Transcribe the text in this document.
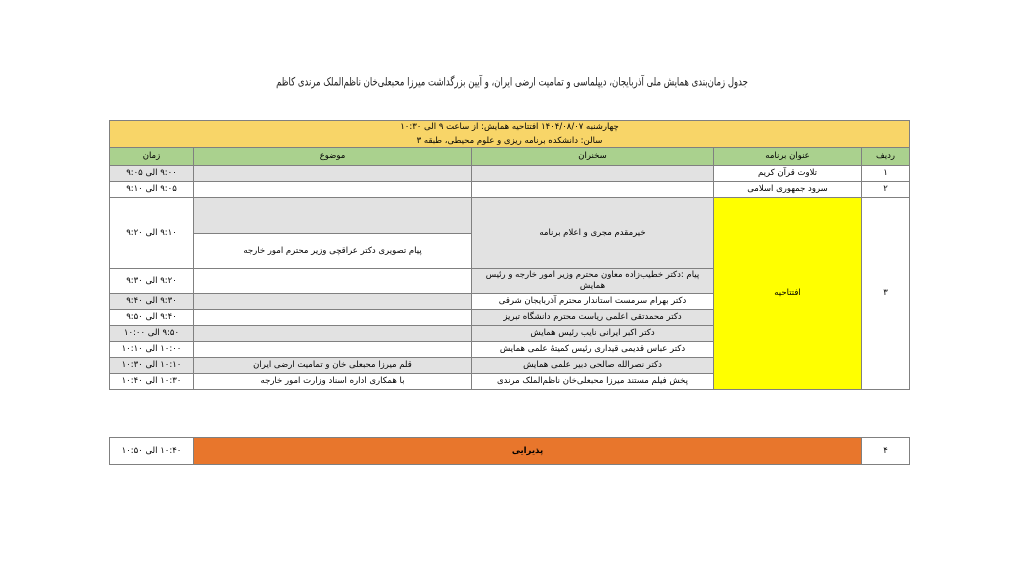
جدول زمان‌بندی همایش ملی آذربایجان، دیپلماسی و تمامیت ارضی ایران، و آیین بزرگداشت میرزا محبعلی‌خان ناظم‌الملک مرندی کاظم
چهارشنبه ۱۴۰۴/۰۸/۰۷ افتتاحیه همایش: از ساعت ۹ الی ۱۰:۳۰
سالن: دانشکده برنامه ریزی و علوم محیطی، طبقه ۳				

ردیف	عنوان برنامه	سخنران	موضوع	زمان
۱	تلاوت قرآن کریم			۹:۰۰ الی ۹:۰۵
۲	سرود جمهوری اسلامی			۹:۰۵ الی ۹:۱۰
۳	افتتاحیه	خیرمقدم مجری و اعلام برنامه		۹:۱۰ الی ۹:۲۰
			پیام تصویری دکتر عراقچی وزیر محترم امور خارجه	
		پیام :دکتر خطیب‌زاده معاون محترم وزیر امور خارجه و رئیس همایش		۹:۲۰ الی ۹:۳۰
		دکتر بهرام سرمست استاندار محترم آذربایجان شرقی		۹:۳۰ الی ۹:۴۰
		دکتر محمدتقی اعلمی ریاست محترم دانشگاه تبریز		۹:۴۰ الی ۹:۵۰
		دکتر اکبر ایرانی نایب رئیس همایش		۹:۵۰ الی ۱۰:۰۰
		دکتر عباس قدیمی قیداری رئیس کمیتۀ علمی همایش		۱۰:۰۰ الی ۱۰:۱۰
		دکتر نصرالله صالحی دبیر علمی همایش	قلم میرزا محبعلی خان و تمامیت ارضی ایران	۱۰:۱۰ الی ۱۰:۳۰
		پخش فیلم مستند میرزا محبعلی‌خان ناظم‌الملک مرندی	با همکاری اداره اسناد وزارت امور خارجه	۱۰:۳۰ الی ۱۰:۴۰
۴	پذیرایی	۱۰:۴۰ الی ۱۰:۵۰
